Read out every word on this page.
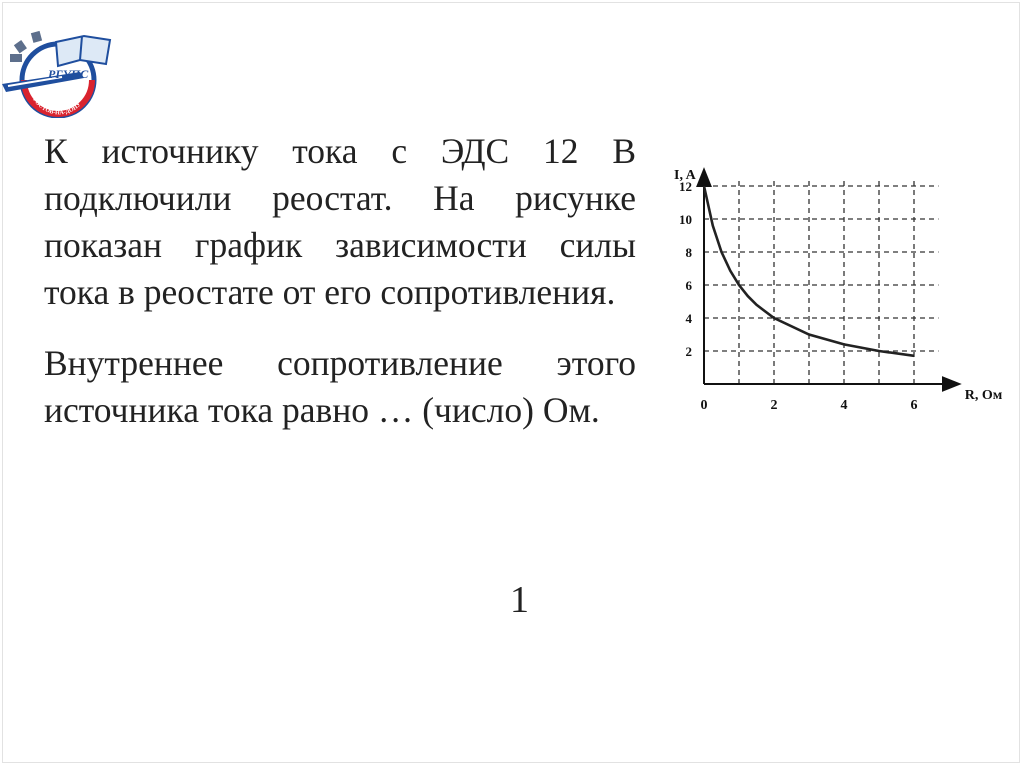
РГУПС
РОСТОВ-НА-ДОНУ

К источнику тока с ЭДС 12 В подключили реостат. На рисунке показан график зависимости силы тока в реостате от его сопротивления.

Внутреннее сопротивление этого источника тока равно … (число) Ом.

1
R, Ом
I, A
0	2	4	6
2
4
6
8
10
12
